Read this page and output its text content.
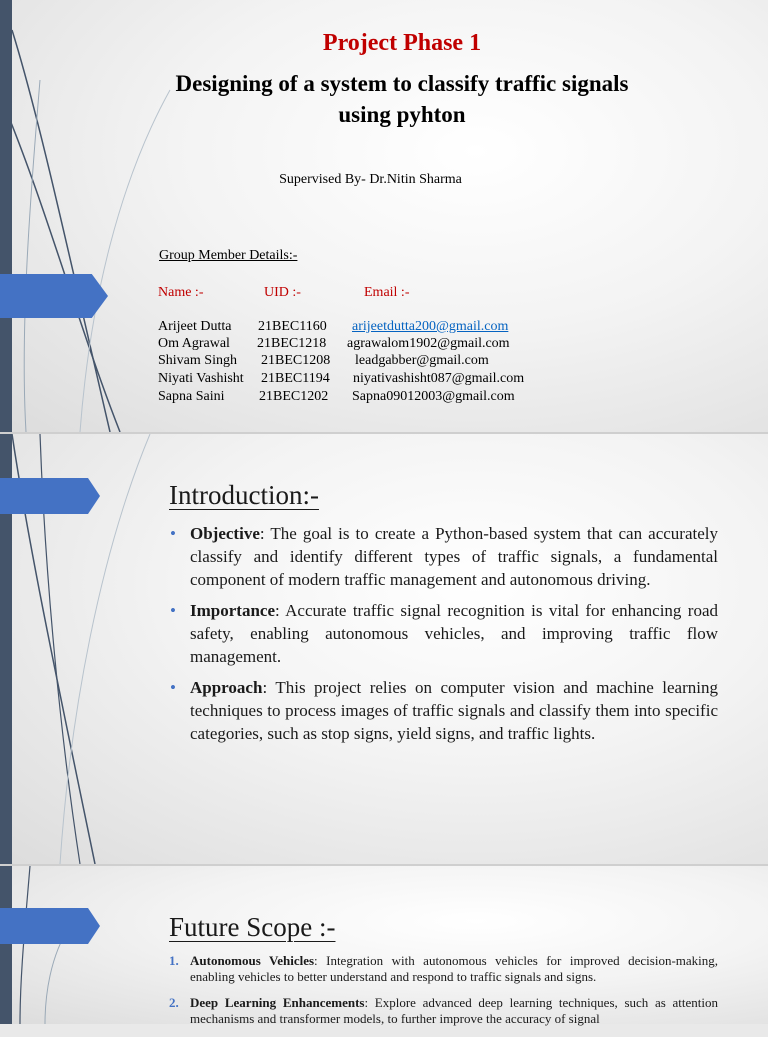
Project Phase 1

Designing of a system to classify traffic signals
using pyhton

Supervised By- Dr.Nitin Sharma

Group Member Details:-

Name :-	UID :-	Email :-

Arijeet Dutta 21BEC1160 arijeetdutta200@gmail.com
Om Agrawal 21BEC1218 agrawalom1902@gmail.com
Shivam Singh 21BEC1208 leadgabber@gmail.com
Niyati Vashisht 21BEC1194 niyativashisht087@gmail.com
Sapna Saini 21BEC1202 Sapna09012003@gmail.com

Introduction:-

• Objective: The goal is to create a Python-based system that can accurately classify and identify different types of traffic signals, a fundamental component of modern traffic management and autonomous driving.
• Importance: Accurate traffic signal recognition is vital for enhancing road safety, enabling autonomous vehicles, and improving traffic flow management.
• Approach: This project relies on computer vision and machine learning techniques to process images of traffic signals and classify them into specific categories, such as stop signs, yield signs, and traffic lights.

Future Scope :-

1. Autonomous Vehicles: Integration with autonomous vehicles for improved decision-making, enabling vehicles to better understand and respond to traffic signals and signs.
2. Deep Learning Enhancements: Explore advanced deep learning techniques, such as attention mechanisms and transformer models, to further improve the accuracy of signal
